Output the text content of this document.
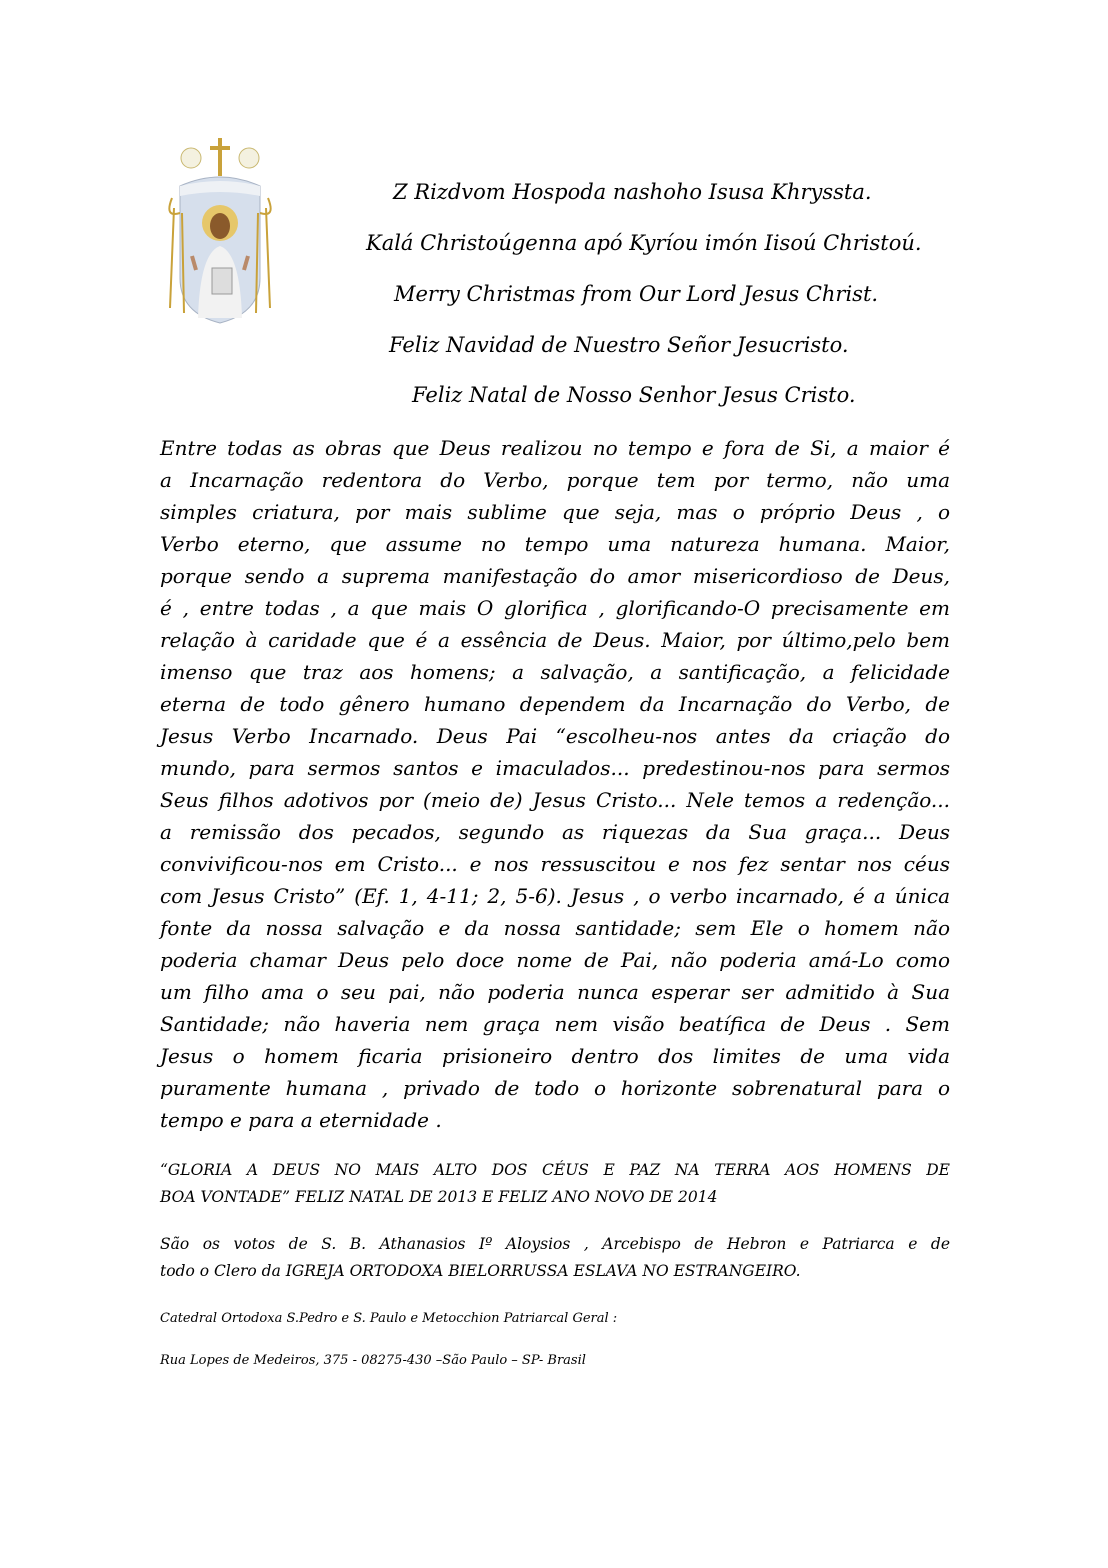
Z Rizdvom Hospoda nashoho Isusa Khryssta.
Kalá Christoúgenna apó Kyríou imón Iisoú Christoú.
Merry Christmas from Our Lord Jesus Christ.
Feliz Navidad de Nuestro Señor Jesucristo.
Feliz Natal de Nosso Senhor Jesus Cristo.
Entre todas as obras que Deus realizou no tempo e fora de Si, a maior é
a Incarnação redentora do Verbo, porque tem por termo, não uma
simples criatura, por mais sublime que seja, mas o próprio Deus , o
Verbo eterno, que assume no tempo uma natureza humana. Maior,
porque sendo a suprema manifestação do amor misericordioso de Deus,
é , entre todas , a que mais O glorifica , glorificando-O precisamente em
relação à caridade que é a essência de Deus. Maior, por último,pelo bem
imenso que traz aos homens; a salvação, a santificação, a felicidade
eterna de todo gênero humano dependem da Incarnação do Verbo, de
Jesus Verbo Incarnado. Deus Pai “escolheu-nos antes da criação do
mundo, para sermos santos e imaculados... predestinou-nos para sermos
Seus filhos adotivos por (meio de) Jesus Cristo... Nele temos a redenção...
a remissão dos pecados, segundo as riquezas da Sua graça... Deus
convivificou-nos em Cristo... e nos ressuscitou e nos fez sentar nos céus
com Jesus Cristo” (Ef. 1, 4-11; 2, 5-6). Jesus , o verbo incarnado, é a única
fonte da nossa salvação e da nossa santidade; sem Ele o homem não
poderia chamar Deus pelo doce nome de Pai, não poderia amá-Lo como
um filho ama o seu pai, não poderia nunca esperar ser admitido à Sua
Santidade; não haveria nem graça nem visão beatífica de Deus . Sem
Jesus o homem ficaria prisioneiro dentro dos limites de uma vida
puramente humana , privado de todo o horizonte sobrenatural para o
tempo e para a eternidade .
“GLORIA A DEUS NO MAIS ALTO DOS CÉUS E PAZ NA TERRA AOS HOMENS DE
BOA VONTADE” FELIZ NATAL DE 2013 E FELIZ ANO NOVO DE 2014
São os votos de S. B. Athanasios Iº Aloysios , Arcebispo de Hebron e Patriarca e de
todo o Clero da IGREJA ORTODOXA BIELORRUSSA ESLAVA NO ESTRANGEIRO.
Catedral Ortodoxa S.Pedro e S. Paulo e Metocchion Patriarcal Geral :
Rua Lopes de Medeiros, 375 - 08275-430 –São Paulo – SP- Brasil
